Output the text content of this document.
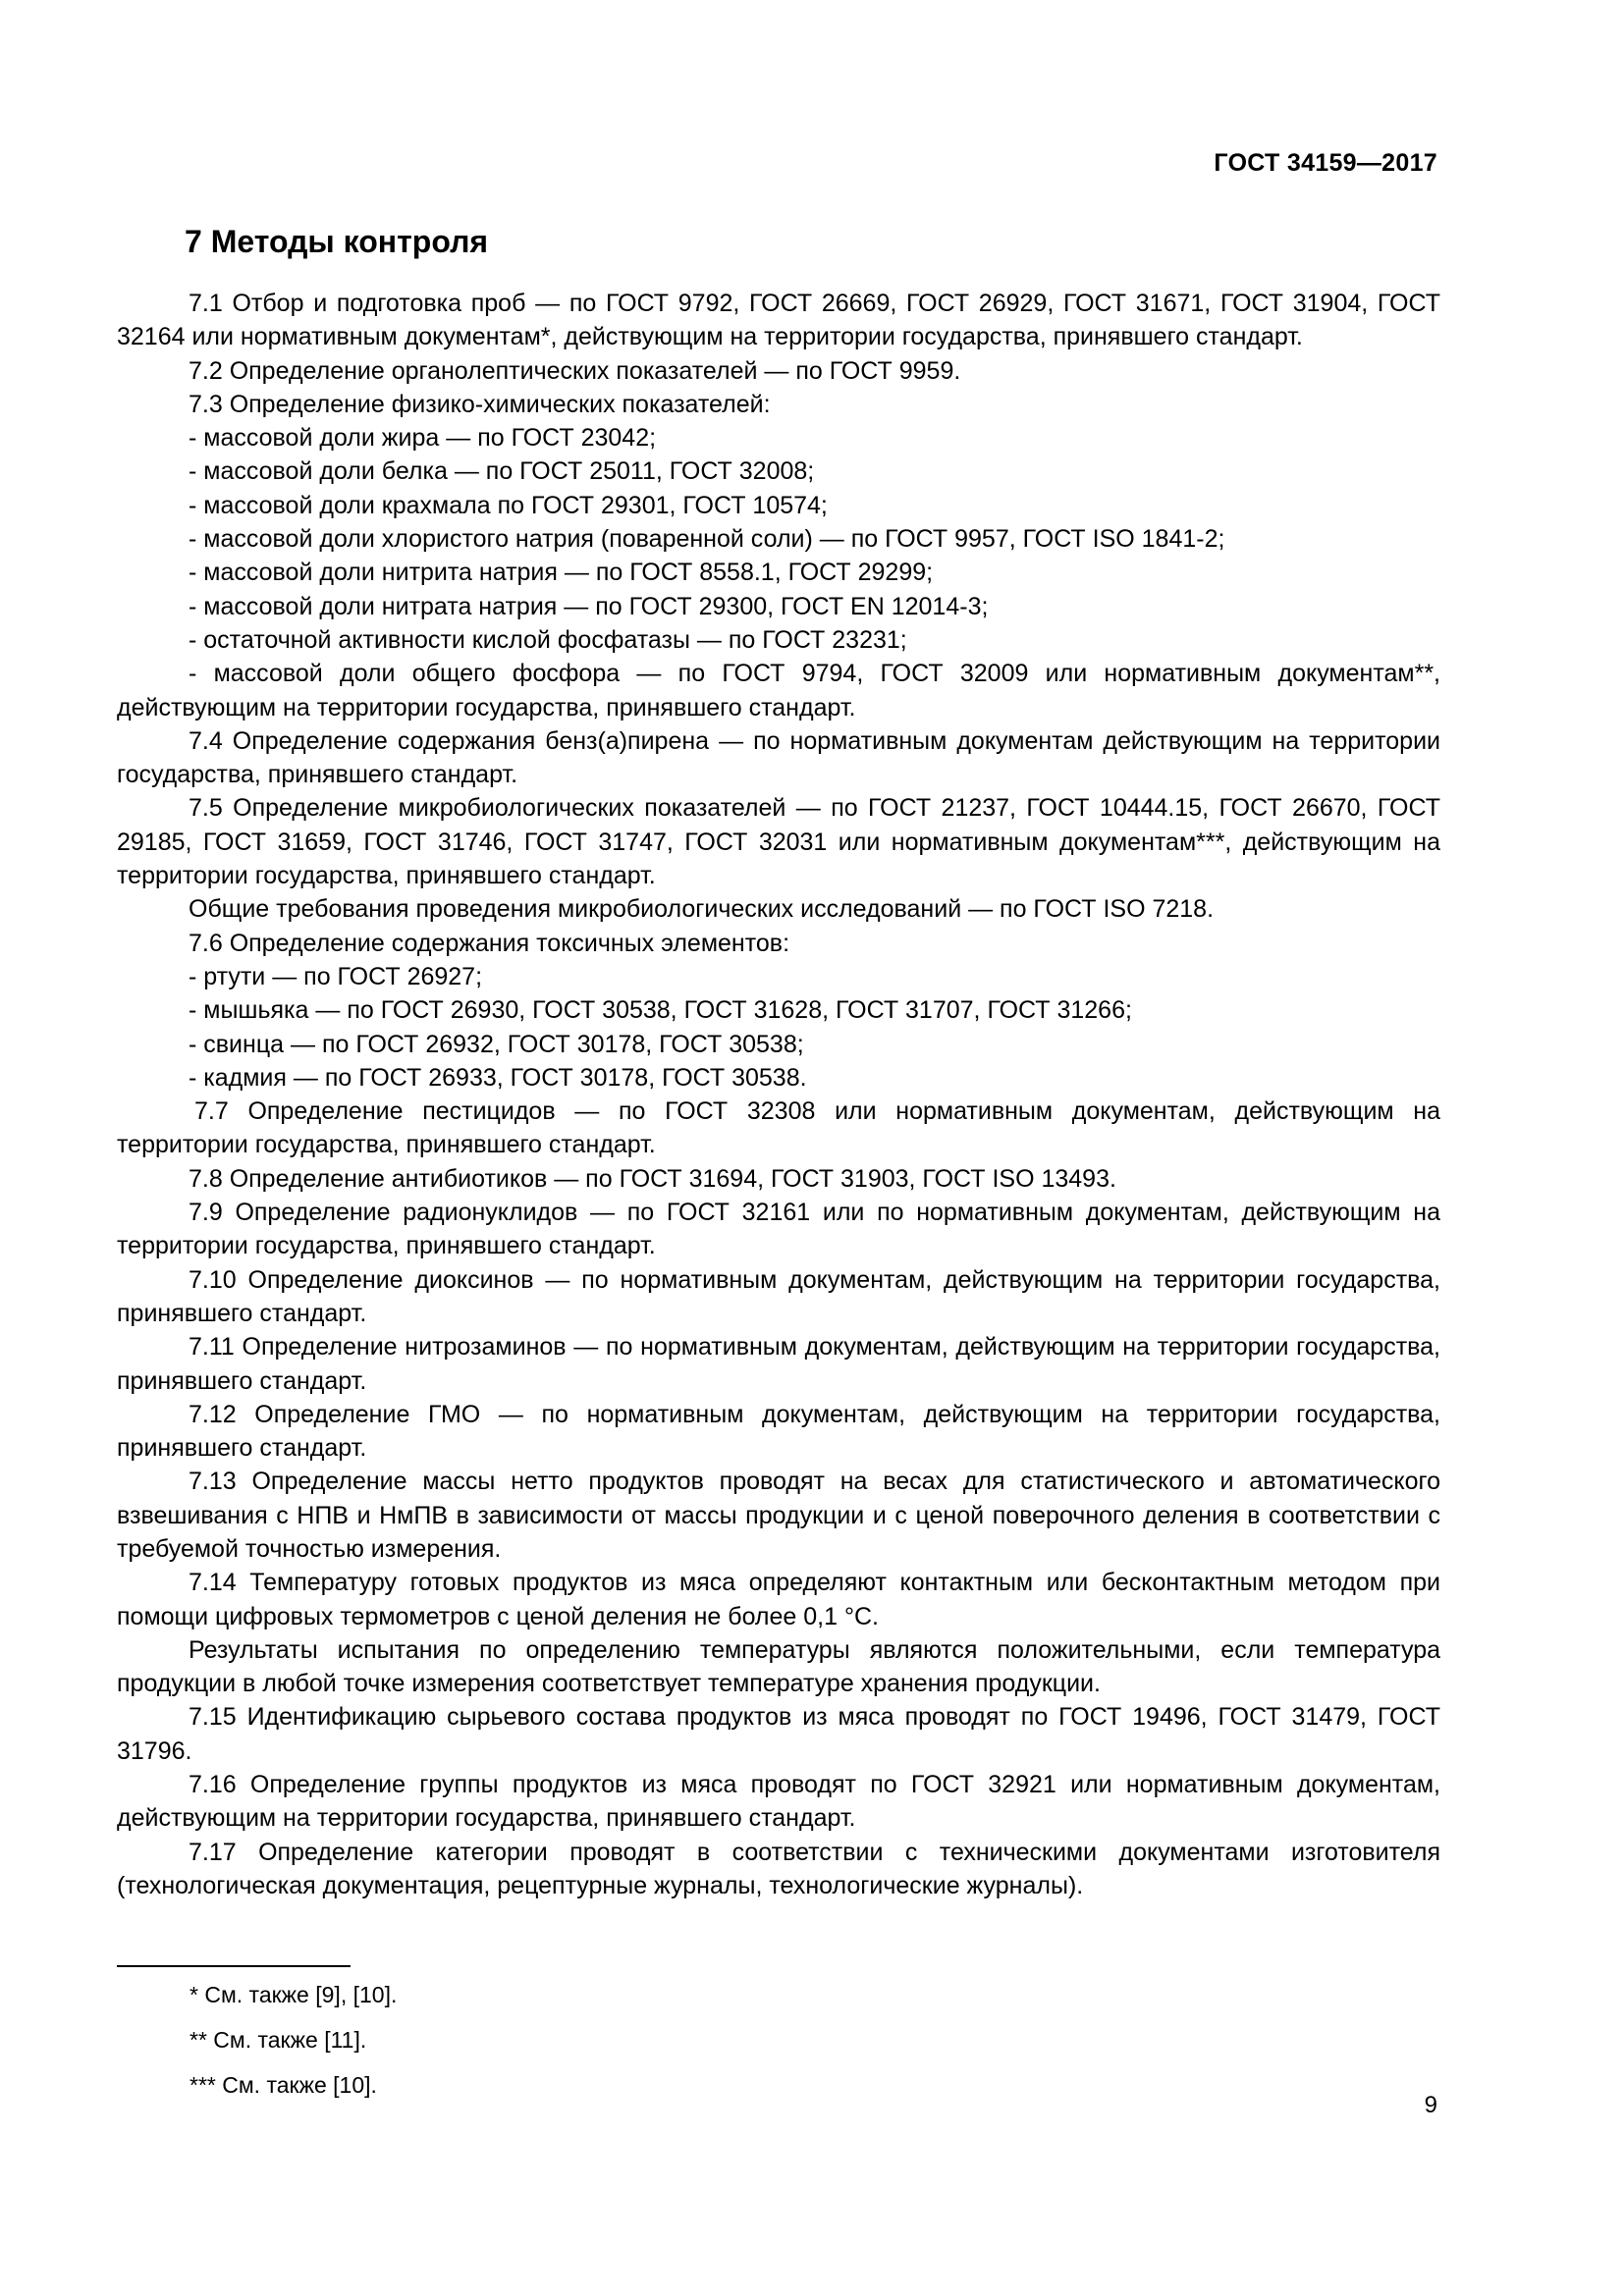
ГОСТ 34159—2017
7 Методы контроля

7.1 Отбор и подготовка проб — по ГОСТ 9792, ГОСТ 26669, ГОСТ 26929, ГОСТ 31671, ГОСТ 31904, ГОСТ 32164 или нормативным документам*, действующим на территории государства, принявшего стандарт.

7.2 Определение органолептических показателей — по ГОСТ 9959.

7.3 Определение физико-химических показателей:

- массовой доли жира — по ГОСТ 23042;

- массовой доли белка — по ГОСТ 25011, ГОСТ 32008;

- массовой доли крахмала по ГОСТ 29301, ГОСТ 10574;

- массовой доли хлористого натрия (поваренной соли) — по ГОСТ 9957, ГОСТ ISO 1841-2;

- массовой доли нитрита натрия — по ГОСТ 8558.1, ГОСТ 29299;

- массовой доли нитрата натрия — по ГОСТ 29300, ГОСТ EN 12014-3;

- остаточной активности кислой фосфатазы — по ГОСТ 23231;

- массовой доли общего фосфора — по ГОСТ 9794, ГОСТ 32009 или нормативным документам**, действующим на территории государства, принявшего стандарт.

7.4 Определение содержания бенз(а)пирена — по нормативным документам действующим на территории государства, принявшего стандарт.

7.5 Определение микробиологических показателей — по ГОСТ 21237, ГОСТ 10444.15, ГОСТ 26670, ГОСТ 29185, ГОСТ 31659, ГОСТ 31746, ГОСТ 31747, ГОСТ 32031 или нормативным документам***, действующим на территории государства, принявшего стандарт.

Общие требования проведения микробиологических исследований — по ГОСТ ISO 7218.

7.6 Определение содержания токсичных элементов:

- ртути — по ГОСТ 26927;

- мышьяка — по ГОСТ 26930, ГОСТ 30538, ГОСТ 31628, ГОСТ 31707, ГОСТ 31266;

- свинца — по ГОСТ 26932, ГОСТ 30178, ГОСТ 30538;

- кадмия — по ГОСТ 26933, ГОСТ 30178, ГОСТ 30538.

7.7 Определение пестицидов — по ГОСТ 32308 или нормативным документам, действующим на территории государства, принявшего стандарт.

7.8 Определение антибиотиков — по ГОСТ 31694, ГОСТ 31903, ГОСТ ISO 13493.

7.9 Определение радионуклидов — по ГОСТ 32161 или по нормативным документам, действующим на территории государства, принявшего стандарт.

7.10 Определение диоксинов — по нормативным документам, действующим на территории государства, принявшего стандарт.

7.11 Определение нитрозаминов — по нормативным документам, действующим на территории государства, принявшего стандарт.

7.12 Определение ГМО — по нормативным документам, действующим на территории государства, принявшего стандарт.

7.13 Определение массы нетто продуктов проводят на весах для статистического и автоматического взвешивания с НПВ и НмПВ в зависимости от массы продукции и с ценой поверочного деления в соответствии с требуемой точностью измерения.

7.14 Температуру готовых продуктов из мяса определяют контактным или бесконтактным методом при помощи цифровых термометров с ценой деления не более 0,1 °С.

Результаты испытания по определению температуры являются положительными, если температура продукции в любой точке измерения соответствует температуре хранения продукции.

7.15 Идентификацию сырьевого состава продуктов из мяса проводят по ГОСТ 19496, ГОСТ 31479, ГОСТ 31796.

7.16 Определение группы продуктов из мяса проводят по ГОСТ 32921 или нормативным документам, действующим на территории государства, принявшего стандарт.

7.17 Определение категории проводят в соответствии с техническими документами изготовителя (технологическая документация, рецептурные журналы, технологические журналы).

* См. также [9], [10].
** См. также [11].
*** См. также [10].
9
